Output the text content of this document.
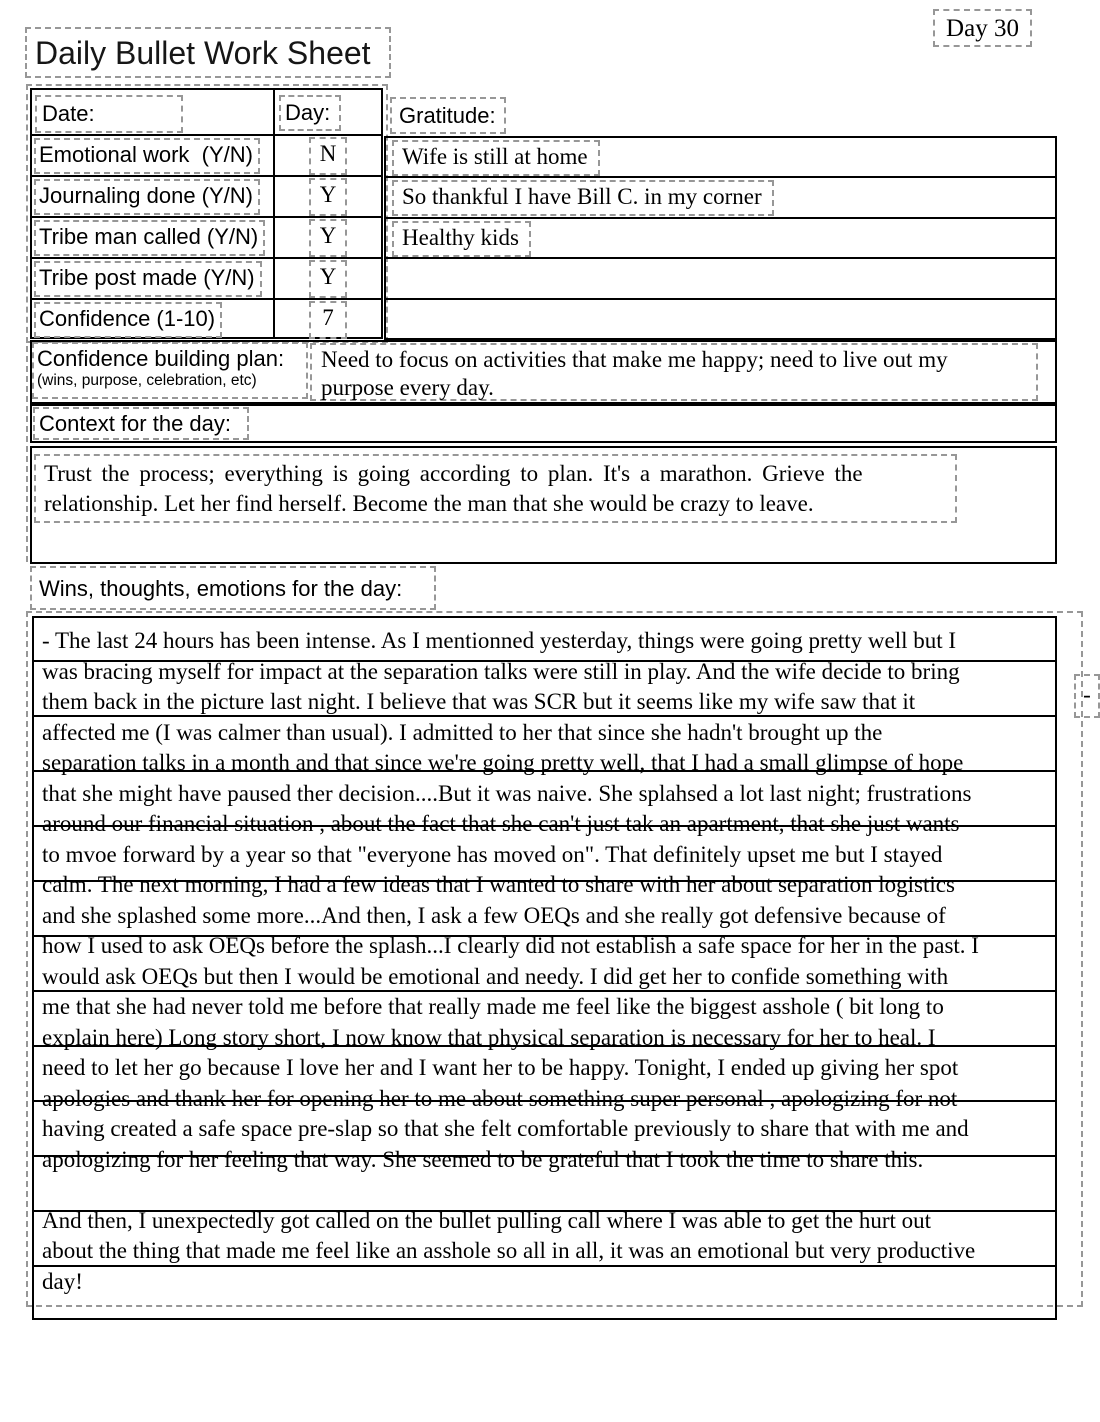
Day 30
Daily Bullet Work Sheet
Date:	Day:
Emotional work  (Y/N)	N
Journaling done (Y/N)	Y
Tribe man called (Y/N)	Y
Tribe post made (Y/N)	Y
Confidence (1-10)	7
Gratitude:
Wife is still at home
So thankful I have Bill C. in my corner
Healthy kids
Confidence building plan:
(wins, purpose, celebration, etc)
Need to focus on activities that make me happy; need to live out my
purpose every day.
Context for the day:
Trust the process; everything is going according to plan. It's a marathon. Grieve the
relationship. Let her find herself. Become the man that she would be crazy to leave.
Wins, thoughts, emotions for the day:
- The last 24 hours has been intense. As I mentionned yesterday, things were going pretty well but I
was bracing myself for impact at the separation talks were still in play. And the wife decide to bring
them back in the picture last night. I believe that was SCR but it seems like my wife saw that it
affected me (I was calmer than usual). I admitted to her that since she hadn't brought up the
separation talks in a month and that since we're going pretty well, that I had a small glimpse of hope
that she might have paused ther decision....But it was naive. She splahsed a lot last night; frustrations
around our financial situation , about the fact that she can't just tak an apartment, that she just wants
to mvoe forward by a year so that "everyone has moved on". That definitely upset me but I stayed
calm. The next morning, I had a few ideas that I wanted to share with her about separation logistics
and she splashed some more...And then, I ask a few OEQs and she really got defensive because of
how I used to ask OEQs before the splash...I clearly did not establish a safe space for her in the past. I
would ask OEQs but then I would be emotional and needy. I did get her to confide something with
me that she had never told me before that really made me feel like the biggest asshole ( bit long to
explain here) Long story short, I now know that physical separation is necessary for her to heal. I
need to let her go because I love her and I want her to be happy. Tonight, I ended up giving her spot
apologies and thank her for opening her to me about something super personal , apologizing for not
having created a safe space pre-slap so that she felt comfortable previously to share that with me and
apologizing for her feeling that way. She seemed to be grateful that I took the time to share this.
And then, I unexpectedly got called on the bullet pulling call where I was able to get the hurt out
about the thing that made me feel like an asshole so all in all, it was an emotional but very productive
day!
-
